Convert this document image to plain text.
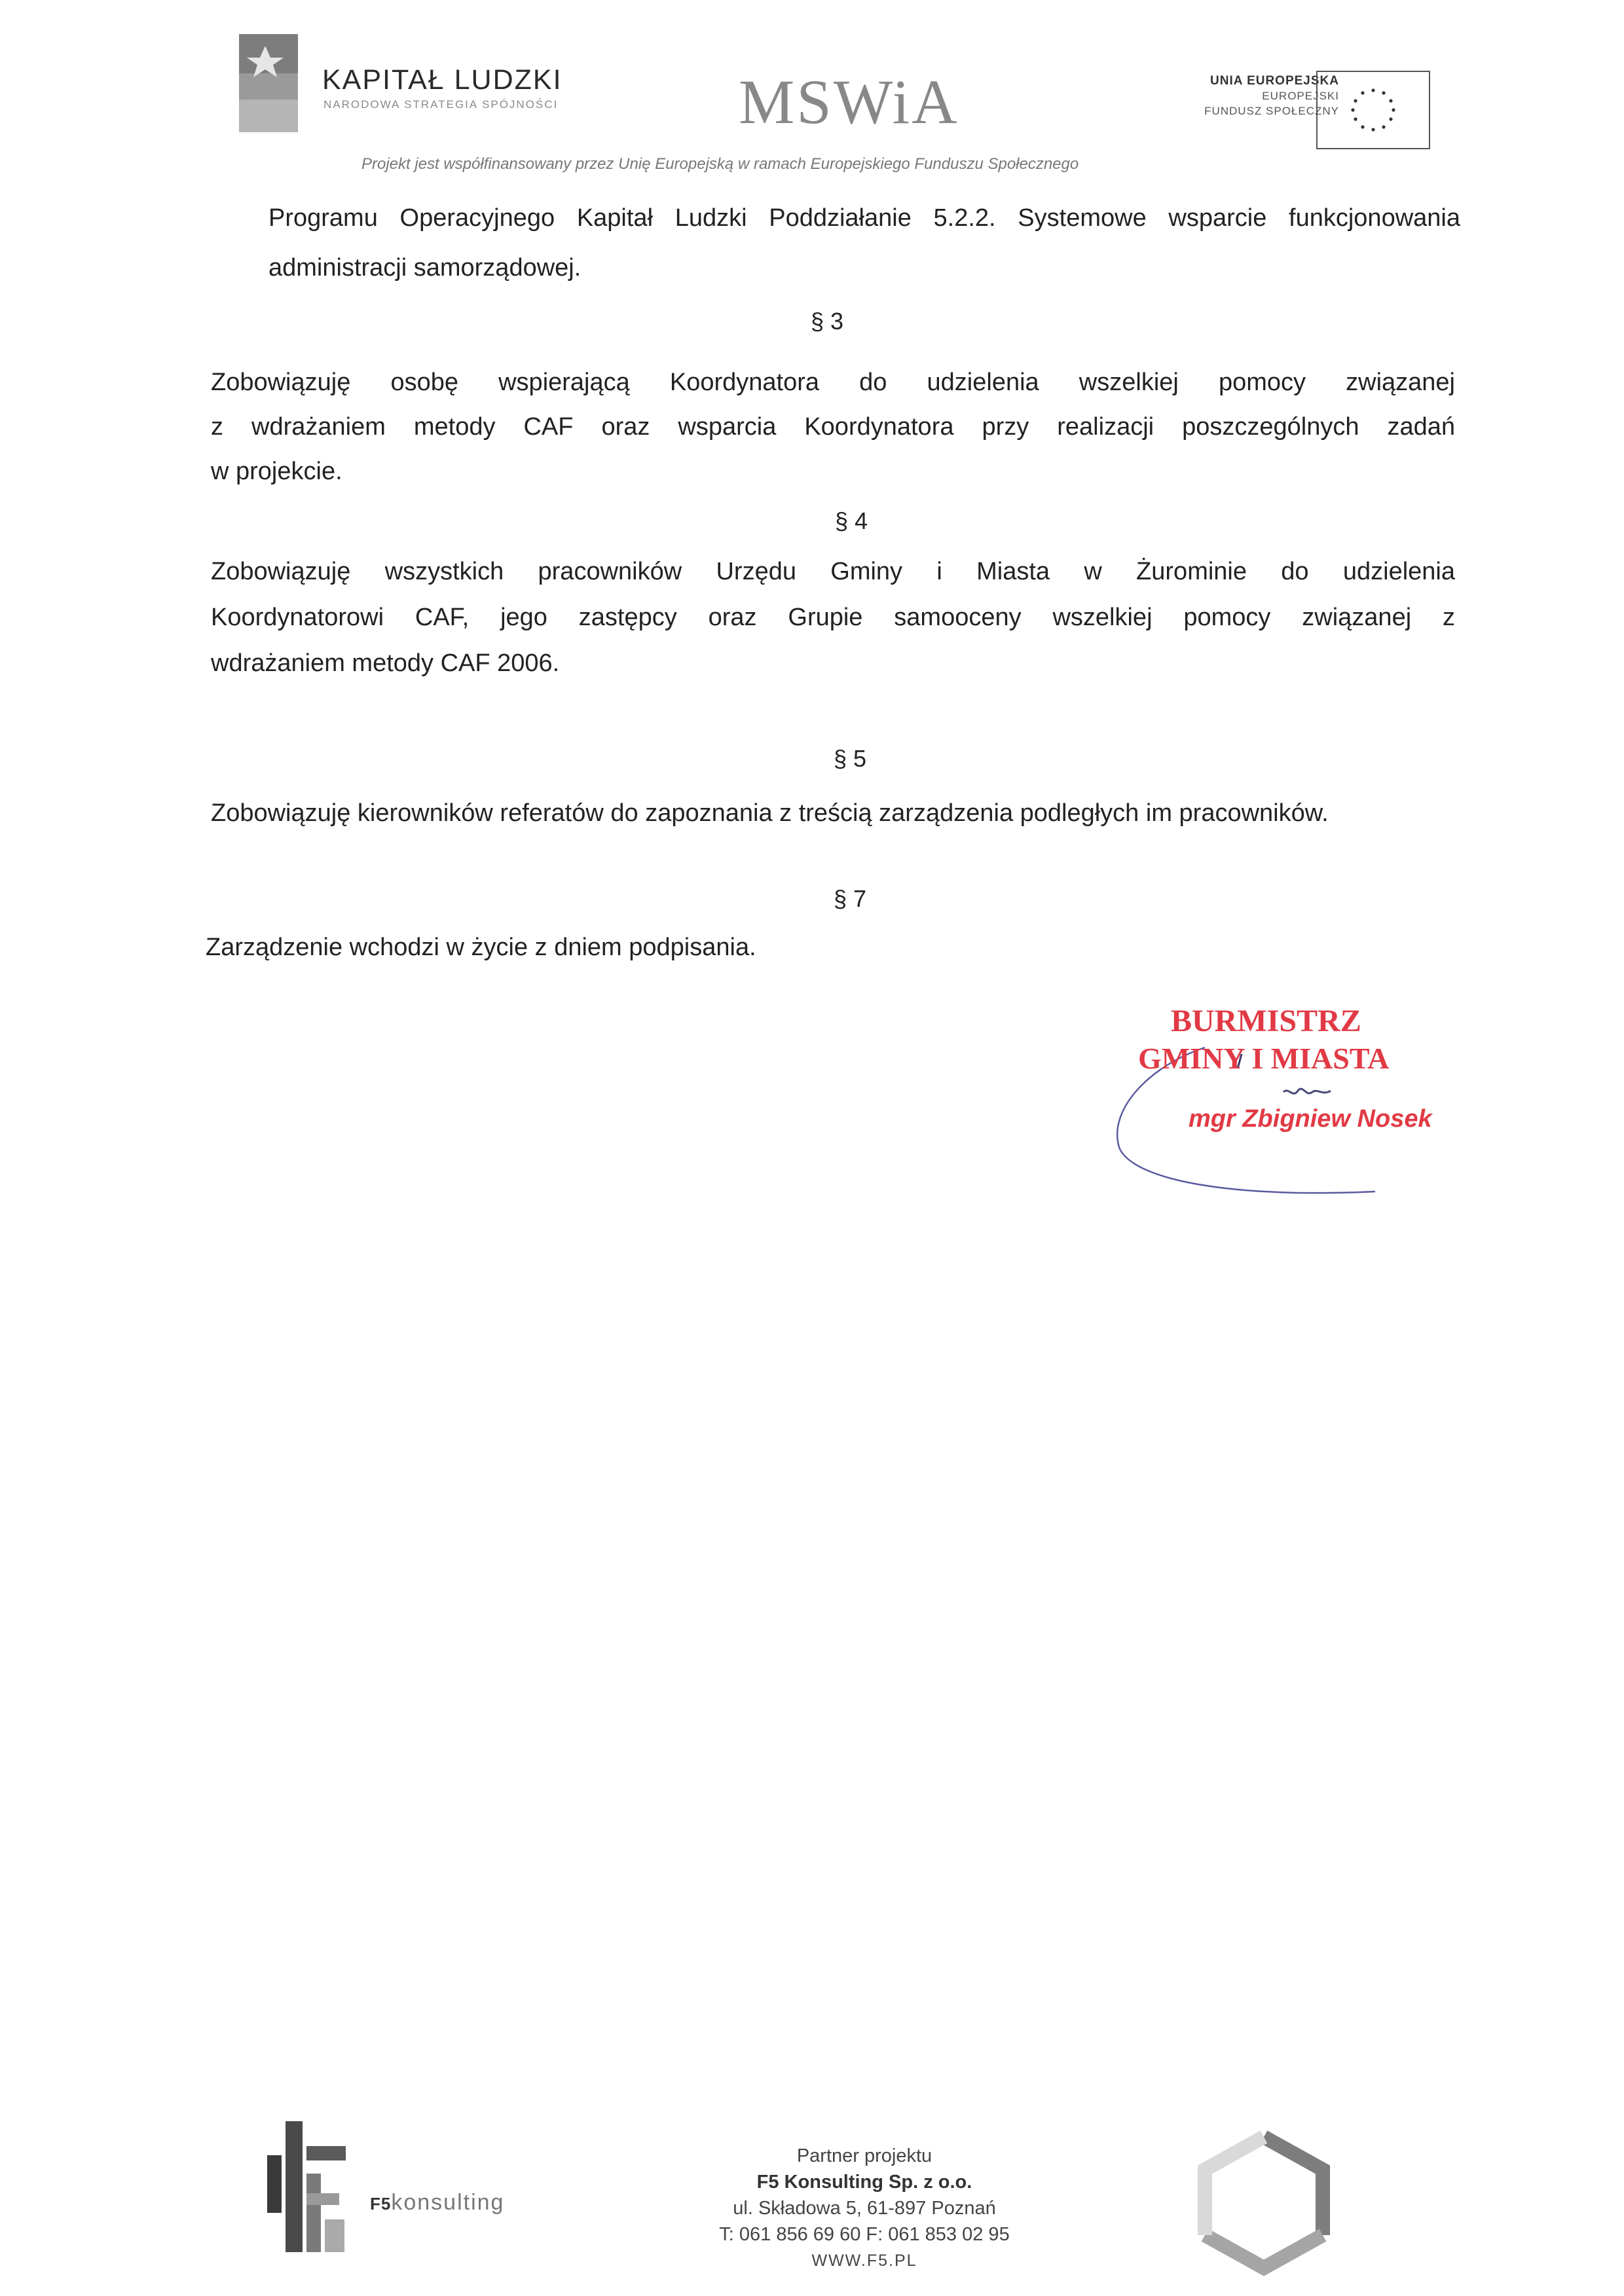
KAPITAŁ LUDZKI
NARODOWA STRATEGIA SPÓJNOŚCI	MSWiA	UNIA EUROPEJSKA
EUROPEJSKI
FUNDUSZ SPOŁECZNY
Projekt jest współfinansowany przez Unię Europejską w ramach Europejskiego Funduszu Społecznego
Programu Operacyjnego Kapitał Ludzki Poddziałanie 5.2.2. Systemowe wsparcie funkcjonowania
administracji samorządowej.
§ 3
Zobowiązuję osobę wspierającą Koordynatora do udzielenia wszelkiej pomocy związanej
z wdrażaniem metody CAF oraz wsparcia Koordynatora przy realizacji poszczególnych zadań
w projekcie.
§ 4
Zobowiązuję wszystkich pracowników Urzędu Gminy i Miasta w Żurominie do udzielenia
Koordynatorowi CAF, jego zastępcy oraz Grupie samooceny wszelkiej pomocy związanej z
wdrażaniem metody CAF 2006.
§ 5
Zobowiązuję kierowników referatów do zapoznania z treścią zarządzenia podległych im pracowników.
§ 7
Zarządzenie wchodzi w życie z dniem podpisania.
BURMISTRZ
GMINY I MIASTA
mgr Zbigniew Nosek
F5konsulting
Partner projektu
F5 Konsulting Sp. z o.o.
ul. Składowa 5, 61-897 Poznań
T: 061 856 69 60 F: 061 853 02 95
WWW.F5.PL
